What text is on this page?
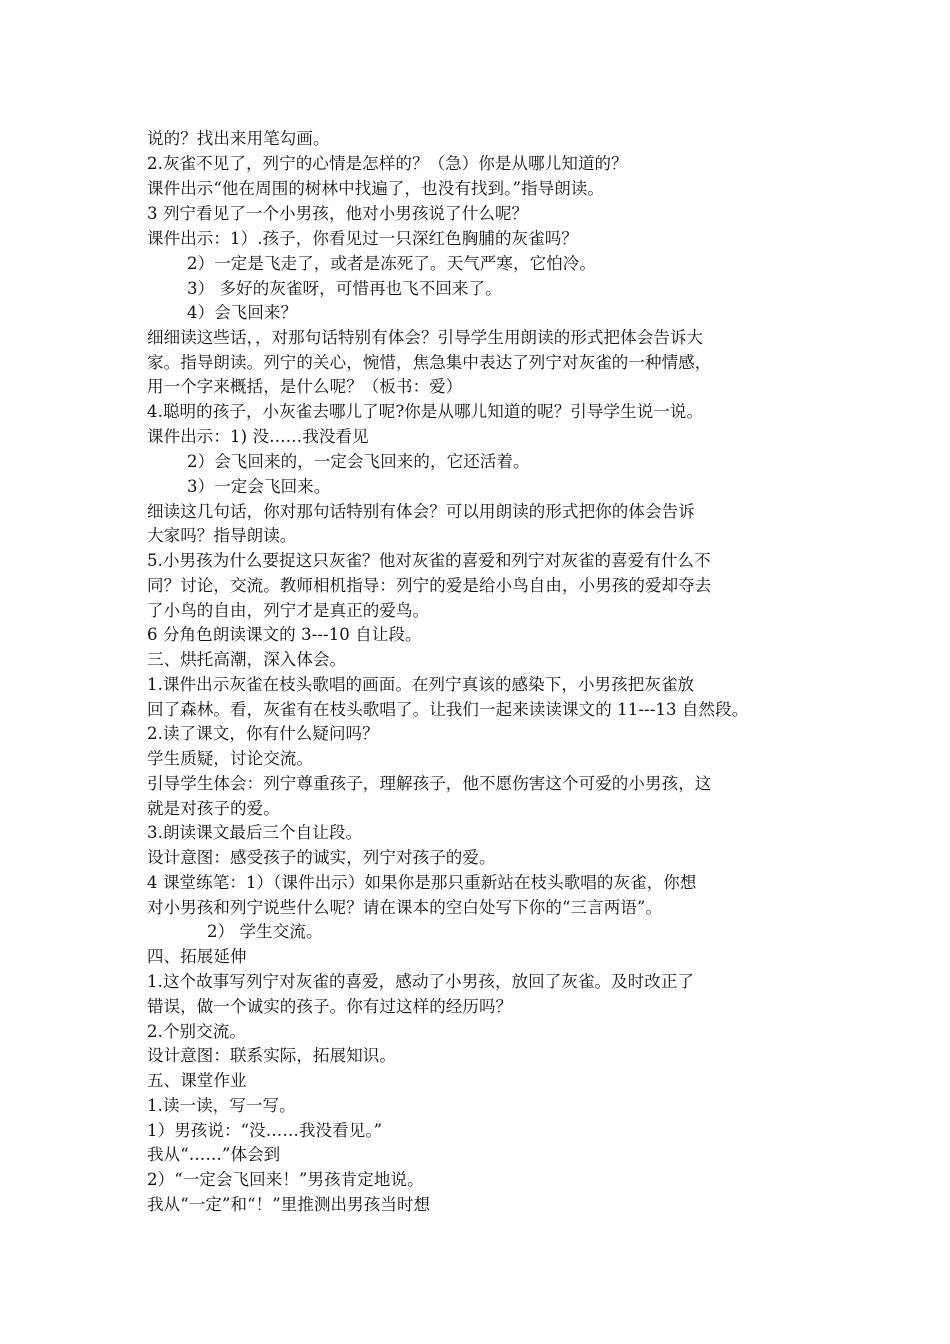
说的？找出来用笔勾画。
2.灰雀不见了，列宁的心情是怎样的？（急）你是从哪儿知道的？
课件出示“他在周围的树林中找遍了，也没有找到。”指导朗读。
3 列宁看见了一个小男孩，他对小男孩说了什么呢？
课件出示：1）.孩子，你看见过一只深红色胸脯的灰雀吗？
2）一定是飞走了，或者是冻死了。天气严寒，它怕冷。
3） 多好的灰雀呀，可惜再也飞不回来了。
4）会飞回来？
细细读这些话，，对那句话特别有体会？引导学生用朗读的形式把体会告诉大
家。指导朗读。列宁的关心，惋惜，焦急集中表达了列宁对灰雀的一种情感，
用一个字来概括，是什么呢？（板书：爱）
4.聪明的孩子，小灰雀去哪儿了呢?你是从哪儿知道的呢？引导学生说一说。
课件出示：1) 没……我没看见
2）会飞回来的，一定会飞回来的，它还活着。
3）一定会飞回来。
细读这几句话，你对那句话特别有体会？可以用朗读的形式把你的体会告诉
大家吗？指导朗读。
5.小男孩为什么要捉这只灰雀？他对灰雀的喜爱和列宁对灰雀的喜爱有什么不
同？讨论，交流。教师相机指导：列宁的爱是给小鸟自由，小男孩的爱却夺去
了小鸟的自由，列宁才是真正的爱鸟。
6 分角色朗读课文的 3---10 自让段。
三、烘托高潮，深入体会。
1.课件出示灰雀在枝头歌唱的画面。在列宁真该的感染下，小男孩把灰雀放
回了森林。看，灰雀有在枝头歌唱了。让我们一起来读读课文的 11---13 自然段。
2.读了课文，你有什么疑问吗？
学生质疑，讨论交流。
引导学生体会：列宁尊重孩子，理解孩子，他不愿伤害这个可爱的小男孩，这
就是对孩子的爱。
3.朗读课文最后三个自让段。
设计意图：感受孩子的诚实，列宁对孩子的爱。
4 课堂练笔：1）（课件出示）如果你是那只重新站在枝头歌唱的灰雀，你想
对小男孩和列宁说些什么呢？请在课本的空白处写下你的“三言两语”。
2） 学生交流。
四、拓展延伸
1.这个故事写列宁对灰雀的喜爱，感动了小男孩，放回了灰雀。及时改正了
错误，做一个诚实的孩子。你有过这样的经历吗？
2.个别交流。
设计意图：联系实际，拓展知识。
五、课堂作业
1.读一读，写一写。
1）男孩说：“没……我没看见。”
我从“……”体会到
2）“一定会飞回来！”男孩肯定地说。
我从“一定”和“！”里推测出男孩当时想
